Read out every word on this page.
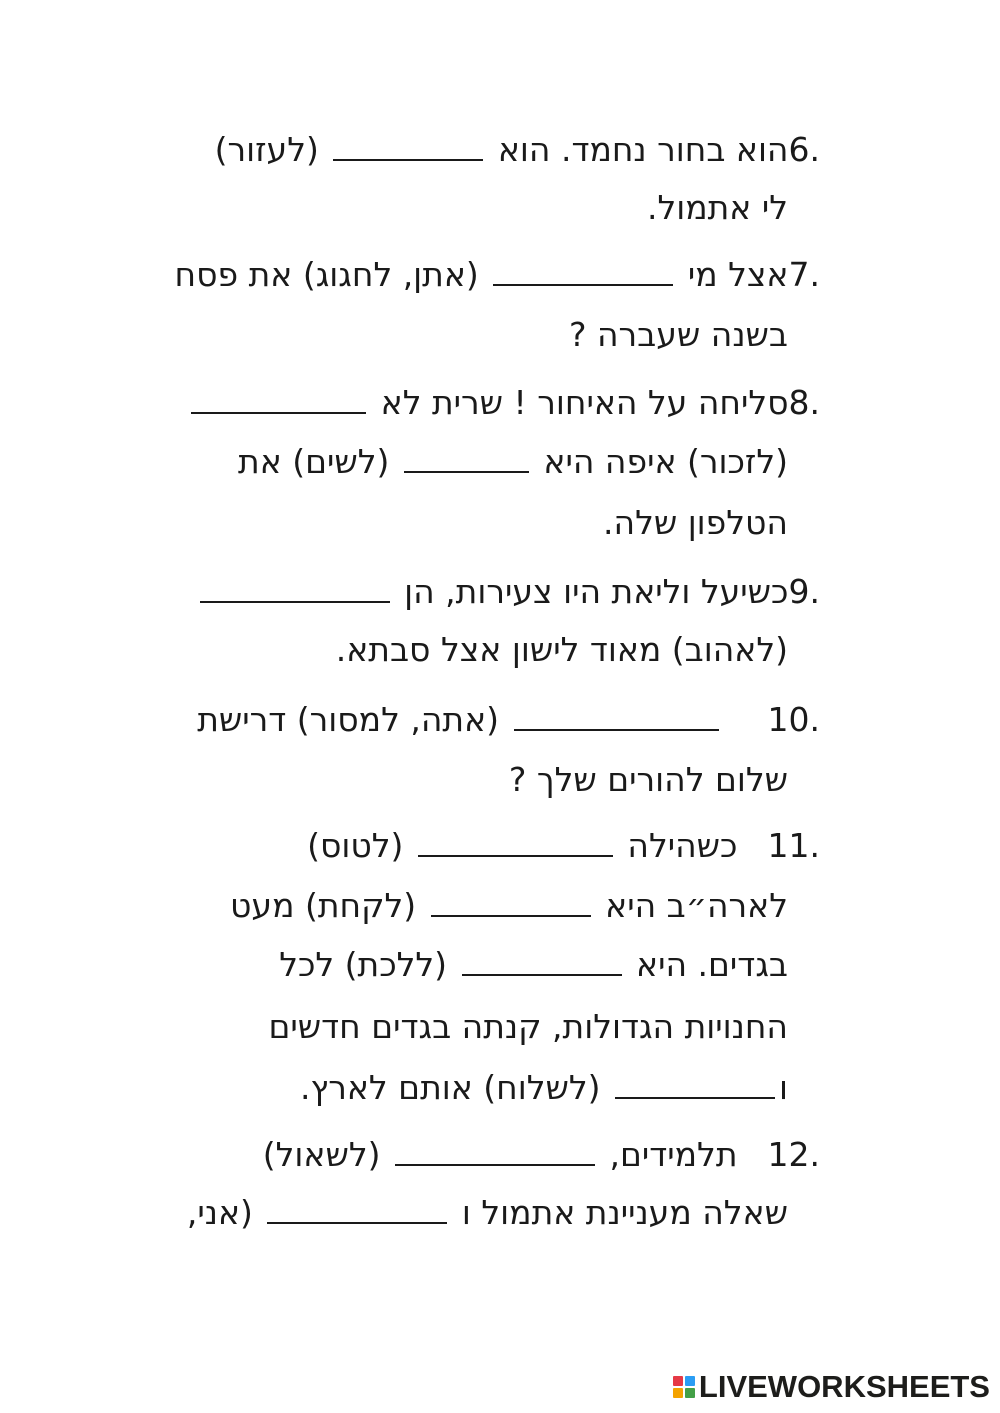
6.הוא בחור נחמד. הוא  (לעזור)

לי אתמול.

7.אצל מי  (אתן, לחגוג) את פסח

בשנה שעברה ?

8.סליחה על האיחור ! שרית לא

(לזכור) איפה היא  (לשים) את

הטלפון שלה.

9.כשיעל וליאת היו צעירות, הן

(לאהוב) מאוד לישון אצל סבתא.

10. (אתה, למסור) דרישת

שלום להורים שלך ?

11.כשהילה  (לטוס)

לארה״ב היא  (לקחת) מעט

בגדים. היא  (ללכת) לכל

החנויות הגדולות, קנתה בגדים חדשים

ו (לשלוח) אותם לארץ.

12.תלמידים,  (לשאול)

שאלה מעניינת אתמול ו  (אני,

LIVEWORKSHEETS
